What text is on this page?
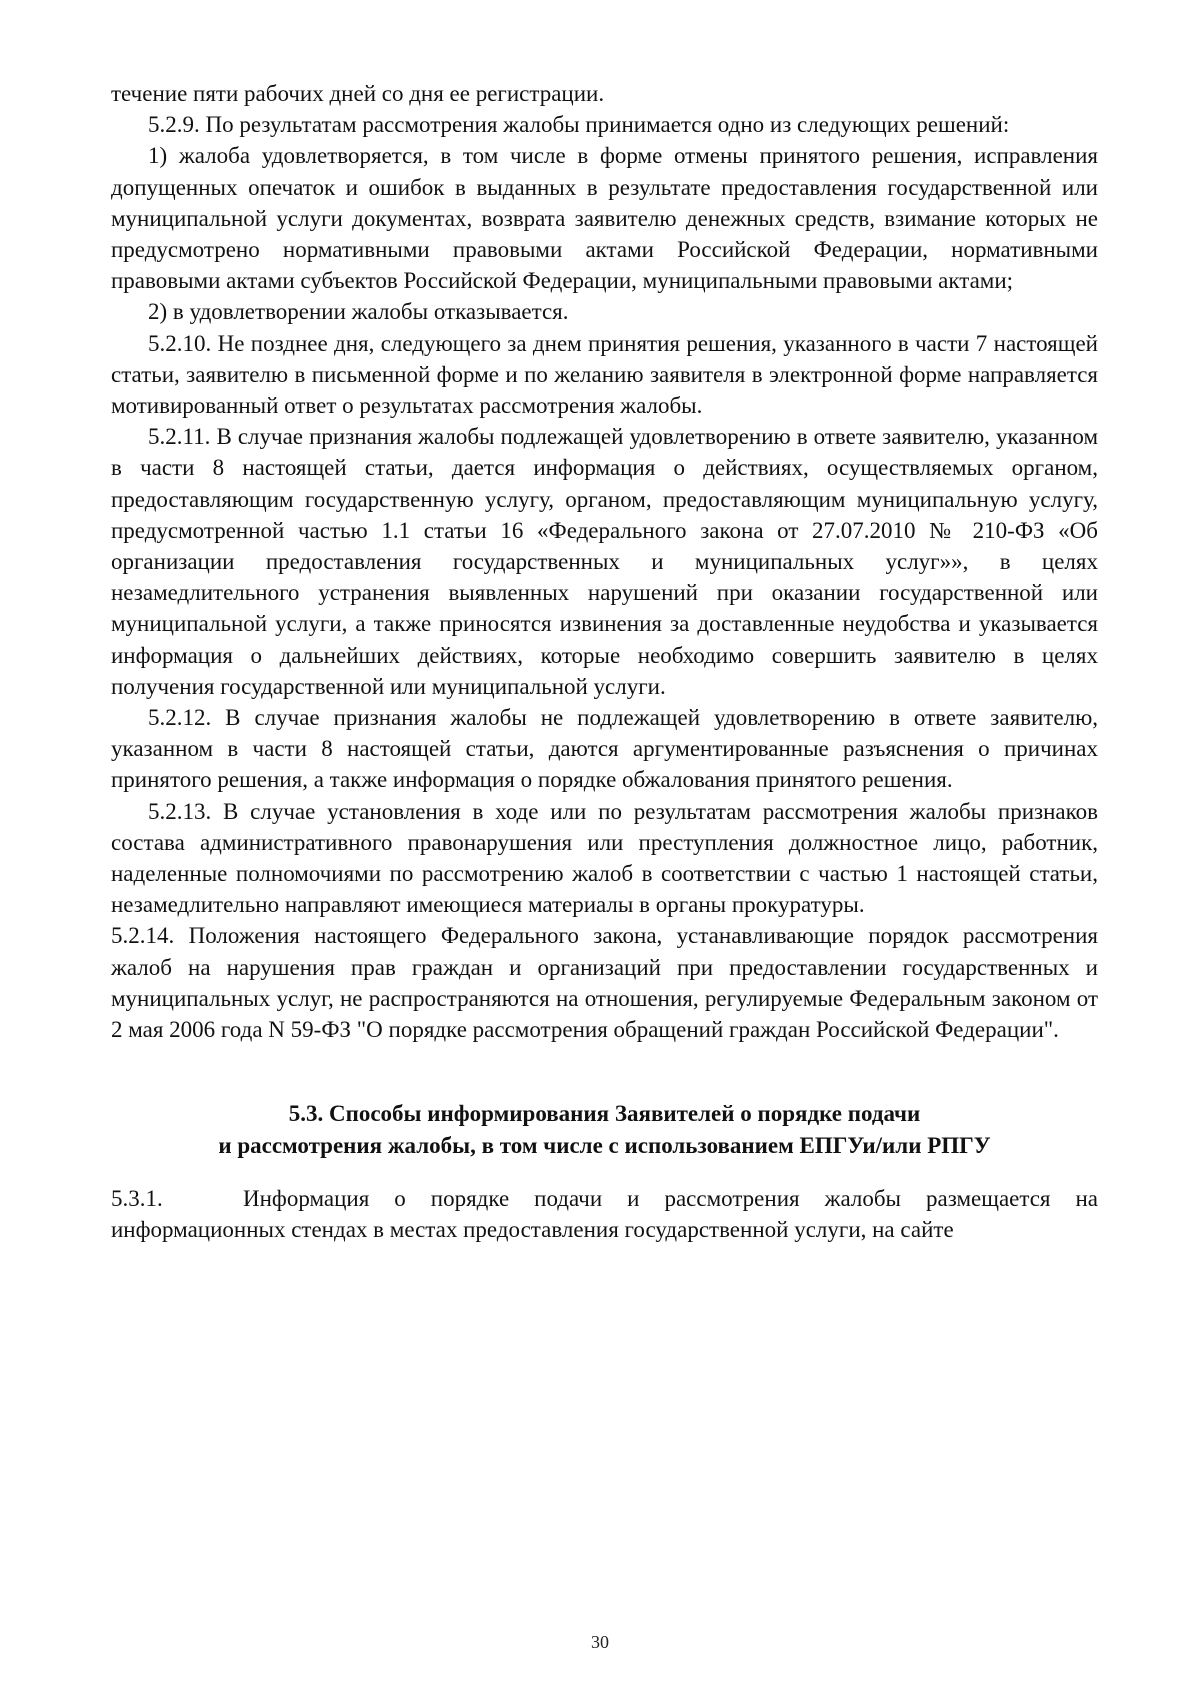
течение пяти рабочих дней со дня ее регистрации.

5.2.9. По результатам рассмотрения жалобы принимается одно из следующих решений:

1) жалоба удовлетворяется, в том числе в форме отмены принятого решения, исправления допущенных опечаток и ошибок в выданных в результате предоставления государственной или муниципальной услуги документах, возврата заявителю денежных средств, взимание которых не предусмотрено нормативными правовыми актами Российской Федерации, нормативными правовыми актами субъектов Российской Федерации, муниципальными правовыми актами;

2) в удовлетворении жалобы отказывается.

5.2.10. Не позднее дня, следующего за днем принятия решения, указанного в части 7 настоящей статьи, заявителю в письменной форме и по желанию заявителя в электронной форме направляется мотивированный ответ о результатах рассмотрения жалобы.

5.2.11. В случае признания жалобы подлежащей удовлетворению в ответе заявителю, указанном в части 8 настоящей статьи, дается информация о действиях, осуществляемых органом, предоставляющим государственную услугу, органом, предоставляющим муниципальную услугу, предусмотренной частью 1.1 статьи 16 «Федерального закона от 27.07.2010 № 210-ФЗ «Об организации предоставления государственных и муниципальных услуг»», в целях незамедлительного устранения выявленных нарушений при оказании государственной или муниципальной услуги, а также приносятся извинения за доставленные неудобства и указывается информация о дальнейших действиях, которые необходимо совершить заявителю в целях получения государственной или муниципальной услуги.

5.2.12. В случае признания жалобы не подлежащей удовлетворению в ответе заявителю, указанном в части 8 настоящей статьи, даются аргументированные разъяснения о причинах принятого решения, а также информация о порядке обжалования принятого решения.

5.2.13. В случае установления в ходе или по результатам рассмотрения жалобы признаков состава административного правонарушения или преступления должностное лицо, работник, наделенные полномочиями по рассмотрению жалоб в соответствии с частью 1 настоящей статьи, незамедлительно направляют имеющиеся материалы в органы прокуратуры.

5.2.14. Положения настоящего Федерального закона, устанавливающие порядок рассмотрения жалоб на нарушения прав граждан и организаций при предоставлении государственных и муниципальных услуг, не распространяются на отношения, регулируемые Федеральным законом от 2 мая 2006 года N 59-ФЗ "О порядке рассмотрения обращений граждан Российской Федерации".

5.3. Способы информирования Заявителей о порядке подачи
и рассмотрения жалобы, в том числе с использованием ЕПГУи/или РПГУ

5.3.1.	Информация о порядке подачи и рассмотрения жалобы размещается на информационных стендах в местах предоставления государственной услуги, на сайте

30
